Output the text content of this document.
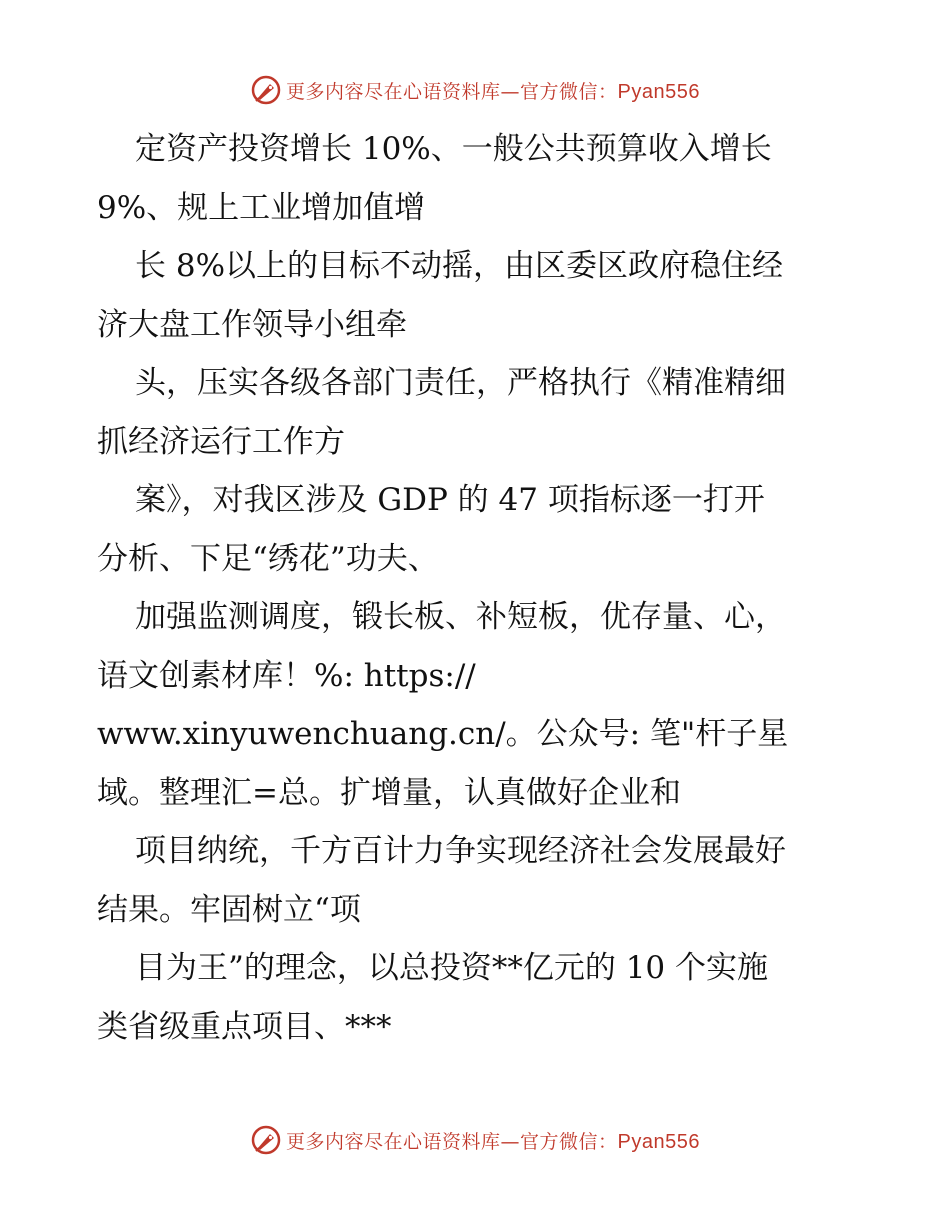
更多内容尽在心语资料库—官方微信：Pyan556
定资产投资增长 10%、一般公共预算收入增长
9%、规上工业增加值增
长 8%以上的目标不动摇，由区委区政府稳住经
济大盘工作领导小组牵
头，压实各级各部门责任，严格执行《精准精细
抓经济运行工作方
案》，对我区涉及 GDP 的 47 项指标逐一打开
分析、下足“绣花”功夫、
加强监测调度，锻长板、补短板，优存量、心，
语文创素材库！%: https://
www.xinyuwenchuang.cn/。公众号: 笔"杆子星
域。整理汇=总。扩增量，认真做好企业和
项目纳统，千方百计力争实现经济社会发展最好
结果。牢固树立“项
目为王”的理念，以总投资**亿元的 10 个实施
类省级重点项目、***
更多内容尽在心语资料库—官方微信：Pyan556
